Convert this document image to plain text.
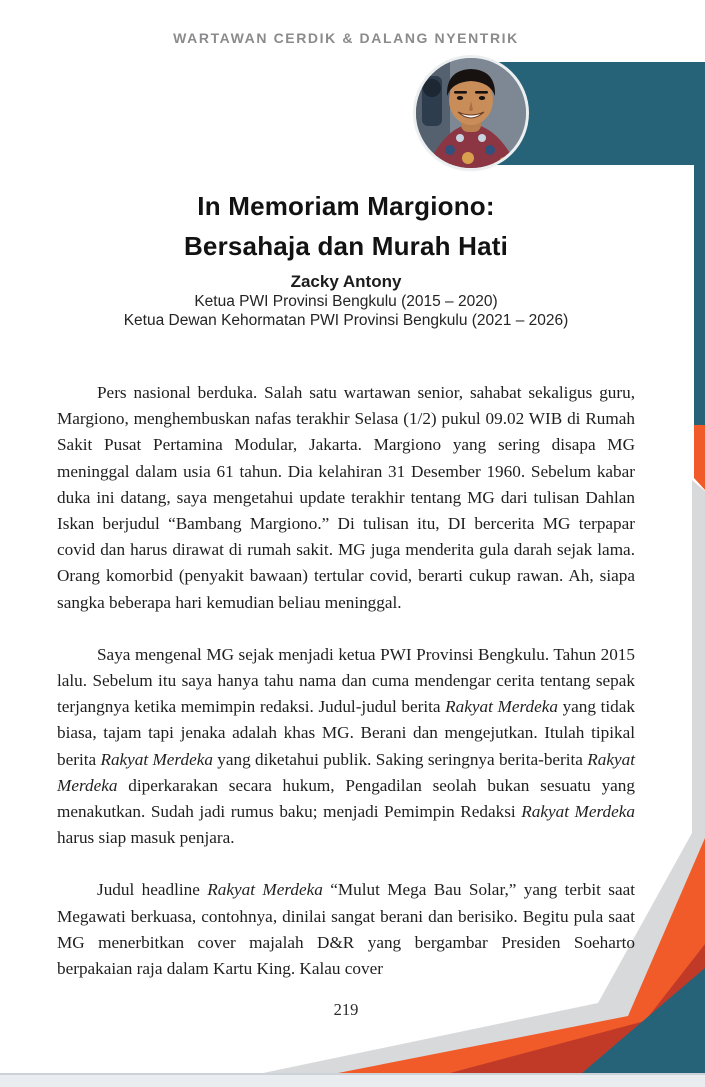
WARTAWAN CERDIK & DALANG NYENTRIK

In Memoriam Margiono:
Bersahaja dan Murah Hati

Zacky Antony

Ketua PWI Provinsi Bengkulu (2015 – 2020)

Ketua Dewan Kehormatan PWI Provinsi Bengkulu (2021 – 2026)

Pers nasional berduka. Salah satu wartawan senior, sahabat sekaligus guru, Margiono, menghembuskan nafas terakhir Selasa (1/2) pukul 09.02 WIB di Rumah Sakit Pusat Pertamina Modular, Jakarta. Margiono yang sering disapa MG meninggal dalam usia 61 tahun. Dia kelahiran 31 Desember 1960. Sebelum kabar duka ini datang, saya mengetahui update terakhir tentang MG dari tulisan Dahlan Iskan berjudul “Bambang Margiono.” Di tulisan itu, DI bercerita MG terpapar covid dan harus dirawat di rumah sakit. MG juga menderita gula darah sejak lama. Orang komorbid (penyakit bawaan) tertular covid, berarti cukup rawan. Ah, siapa sangka beberapa hari kemudian beliau meninggal.

Saya mengenal MG sejak menjadi ketua PWI Provinsi Bengkulu. Tahun 2015 lalu. Sebelum itu saya hanya tahu nama dan cuma mendengar cerita tentang sepak terjangnya ketika memimpin redaksi. Judul-judul berita Rakyat Merdeka yang tidak biasa, tajam tapi jenaka adalah khas MG. Berani dan mengejutkan. Itulah tipikal berita Rakyat Merdeka yang diketahui publik. Saking seringnya berita-berita Rakyat Merdeka diperkarakan secara hukum, Pengadilan seolah bukan sesuatu yang menakutkan. Sudah jadi rumus baku; menjadi Pemimpin Redaksi Rakyat Merdeka harus siap masuk penjara.

Judul headline Rakyat Merdeka “Mulut Mega Bau Solar,” yang terbit saat Megawati berkuasa, contohnya, dinilai sangat berani dan berisiko. Begitu pula saat MG menerbitkan cover majalah D&R yang bergambar Presiden Soeharto berpakaian raja dalam Kartu King. Kalau cover

219
